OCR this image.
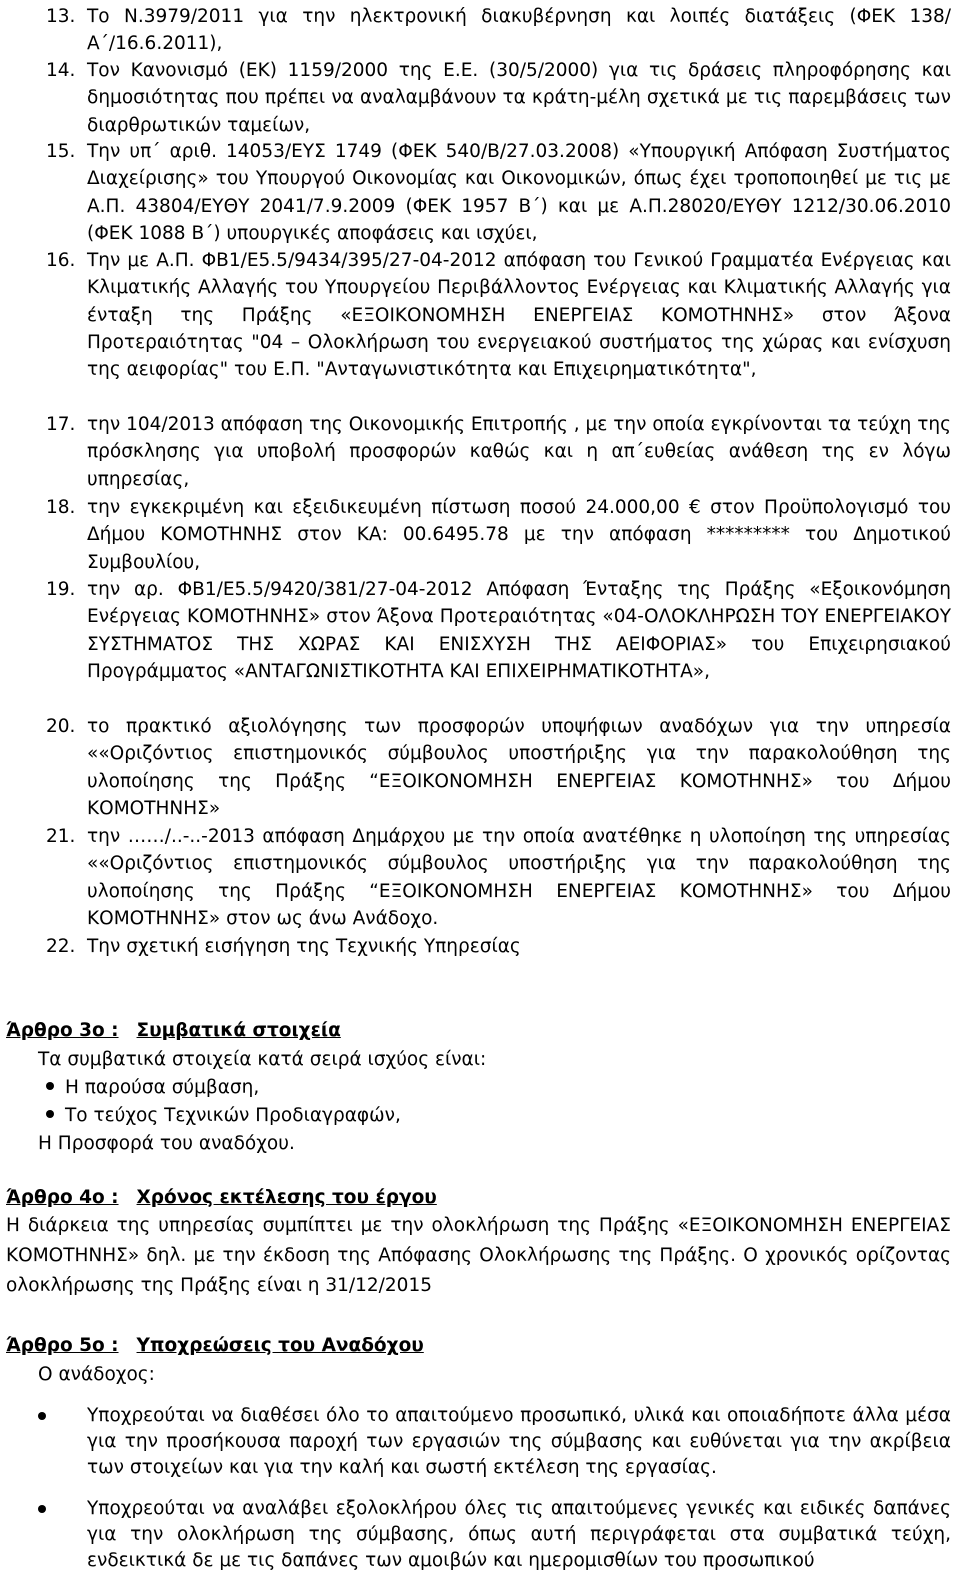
13. Το Ν.3979/2011 για την ηλεκτρονική διακυβέρνηση και λοιπές διατάξεις (ΦΕΚ 138/Α΄/16.6.2011),
14. Τον Κανονισμό (ΕΚ) 1159/2000 της Ε.Ε. (30/5/2000) για τις δράσεις πληροφόρησης και δημοσιότητας που πρέπει να αναλαμβάνουν τα κράτη-μέλη σχετικά με τις παρεμβάσεις των διαρθρωτικών ταμείων,
15. Την υπ΄ αριθ. 14053/ΕΥΣ 1749 (ΦΕΚ 540/Β/27.03.2008) «Υπουργική Απόφαση Συστήματος Διαχείρισης» του Υπουργού Οικονομίας και Οικονομικών, όπως έχει τροποποιηθεί με τις με Α.Π. 43804/ΕΥΘΥ 2041/7.9.2009 (ΦΕΚ 1957 Β΄) και με Α.Π.28020/ΕΥΘΥ 1212/30.06.2010 (ΦΕΚ 1088 Β΄) υπουργικές αποφάσεις και ισχύει,
16. Την με Α.Π. ΦΒ1/Ε5.5/9434/395/27-04-2012 απόφαση του Γενικού Γραμματέα Ενέργειας και Κλιματικής Αλλαγής του Υπουργείου Περιβάλλοντος Ενέργειας και Κλιματικής Αλλαγής για ένταξη της Πράξης «ΕΞΟΙΚΟΝΟΜΗΣΗ ΕΝΕΡΓΕΙΑΣ ΚΟΜΟΤΗΝΗΣ» στον Άξονα Προτεραιότητας "04 – Ολοκλήρωση του ενεργειακού συστήματος της χώρας και ενίσχυση της αειφορίας" του Ε.Π. "Ανταγωνιστικότητα και Επιχειρηματικότητα",
17. την 104/2013 απόφαση της Οικονομικής Επιτροπής , με την οποία εγκρίνονται τα τεύχη της πρόσκλησης για υποβολή προσφορών καθώς και η απ΄ευθείας ανάθεση της εν λόγω υπηρεσίας,
18. την εγκεκριμένη και εξειδικευμένη πίστωση ποσού 24.000,00 € στον Προϋπολογισμό του Δήμου ΚΟΜΟΤΗΝΗΣ στον ΚΑ: 00.6495.78 με την απόφαση ********* του Δημοτικού Συμβουλίου,
19. την αρ. ΦΒ1/Ε5.5/9420/381/27-04-2012 Απόφαση Ένταξης της Πράξης «Εξοικονόμηση Ενέργειας ΚΟΜΟΤΗΝΗΣ» στον Άξονα Προτεραιότητας «04-ΟΛΟΚΛΗΡΩΣΗ ΤΟΥ ΕΝΕΡΓΕΙΑΚΟΥ ΣΥΣΤΗΜΑΤΟΣ ΤΗΣ ΧΩΡΑΣ ΚΑΙ ΕΝΙΣΧΥΣΗ ΤΗΣ ΑΕΙΦΟΡΙΑΣ» του Επιχειρησιακού Προγράμματος «ΑΝΤΑΓΩΝΙΣΤΙΚΟΤΗΤΑ ΚΑΙ ΕΠΙΧΕΙΡΗΜΑΤΙΚΟΤΗΤΑ»,
20. το πρακτικό αξιολόγησης των προσφορών υποψήφιων αναδόχων για την υπηρεσία ««Οριζόντιος επιστημονικός σύμβουλος υποστήριξης για την παρακολούθηση της υλοποίησης της Πράξης “ΕΞΟΙΚΟΝΟΜΗΣΗ ΕΝΕΡΓΕΙΑΣ ΚΟΜΟΤΗΝΗΣ» του Δήμου ΚΟΜΟΤΗΝΗΣ»
21. την ……/..-..-2013 απόφαση Δημάρχου με την οποία ανατέθηκε η υλοποίηση της υπηρεσίας ««Οριζόντιος επιστημονικός σύμβουλος υποστήριξης για την παρακολούθηση της υλοποίησης της Πράξης “ΕΞΟΙΚΟΝΟΜΗΣΗ ΕΝΕΡΓΕΙΑΣ ΚΟΜΟΤΗΝΗΣ» του Δήμου ΚΟΜΟΤΗΝΗΣ» στον ως άνω Ανάδοχο.
22. Την σχετική εισήγηση της Τεχνικής Υπηρεσίας
Άρθρο 3ο : Συμβατικά στοιχεία
Τα συμβατικά στοιχεία κατά σειρά ισχύος είναι:
Η παρούσα σύμβαση,
Το τεύχος Τεχνικών Προδιαγραφών,
Η Προσφορά του αναδόχου.
Άρθρο 4ο : Χρόνος εκτέλεσης του έργου

Η διάρκεια της υπηρεσίας συμπίπτει με την ολοκλήρωση της Πράξης «ΕΞΟΙΚΟΝΟΜΗΣΗ ΕΝΕΡΓΕΙΑΣ ΚΟΜΟΤΗΝΗΣ» δηλ. με την έκδοση της Απόφασης Ολοκλήρωσης της Πράξης. Ο χρονικός ορίζοντας ολοκλήρωσης της Πράξης είναι η 31/12/2015

Άρθρο 5ο : Υποχρεώσεις του Αναδόχου
Ο ανάδοχος:
Υποχρεούται να διαθέσει όλο το απαιτούμενο προσωπικό, υλικά και οποιαδήποτε άλλα μέσα για την προσήκουσα παροχή των εργασιών της σύμβασης και ευθύνεται για την ακρίβεια των στοιχείων και για την καλή και σωστή εκτέλεση της εργασίας.
Υποχρεούται να αναλάβει εξολοκλήρου όλες τις απαιτούμενες γενικές και ειδικές δαπάνες για την ολοκλήρωση της σύμβασης, όπως αυτή περιγράφεται στα συμβατικά τεύχη, ενδεικτικά δε με τις δαπάνες των αμοιβών και ημερομισθίων του προσωπικού
